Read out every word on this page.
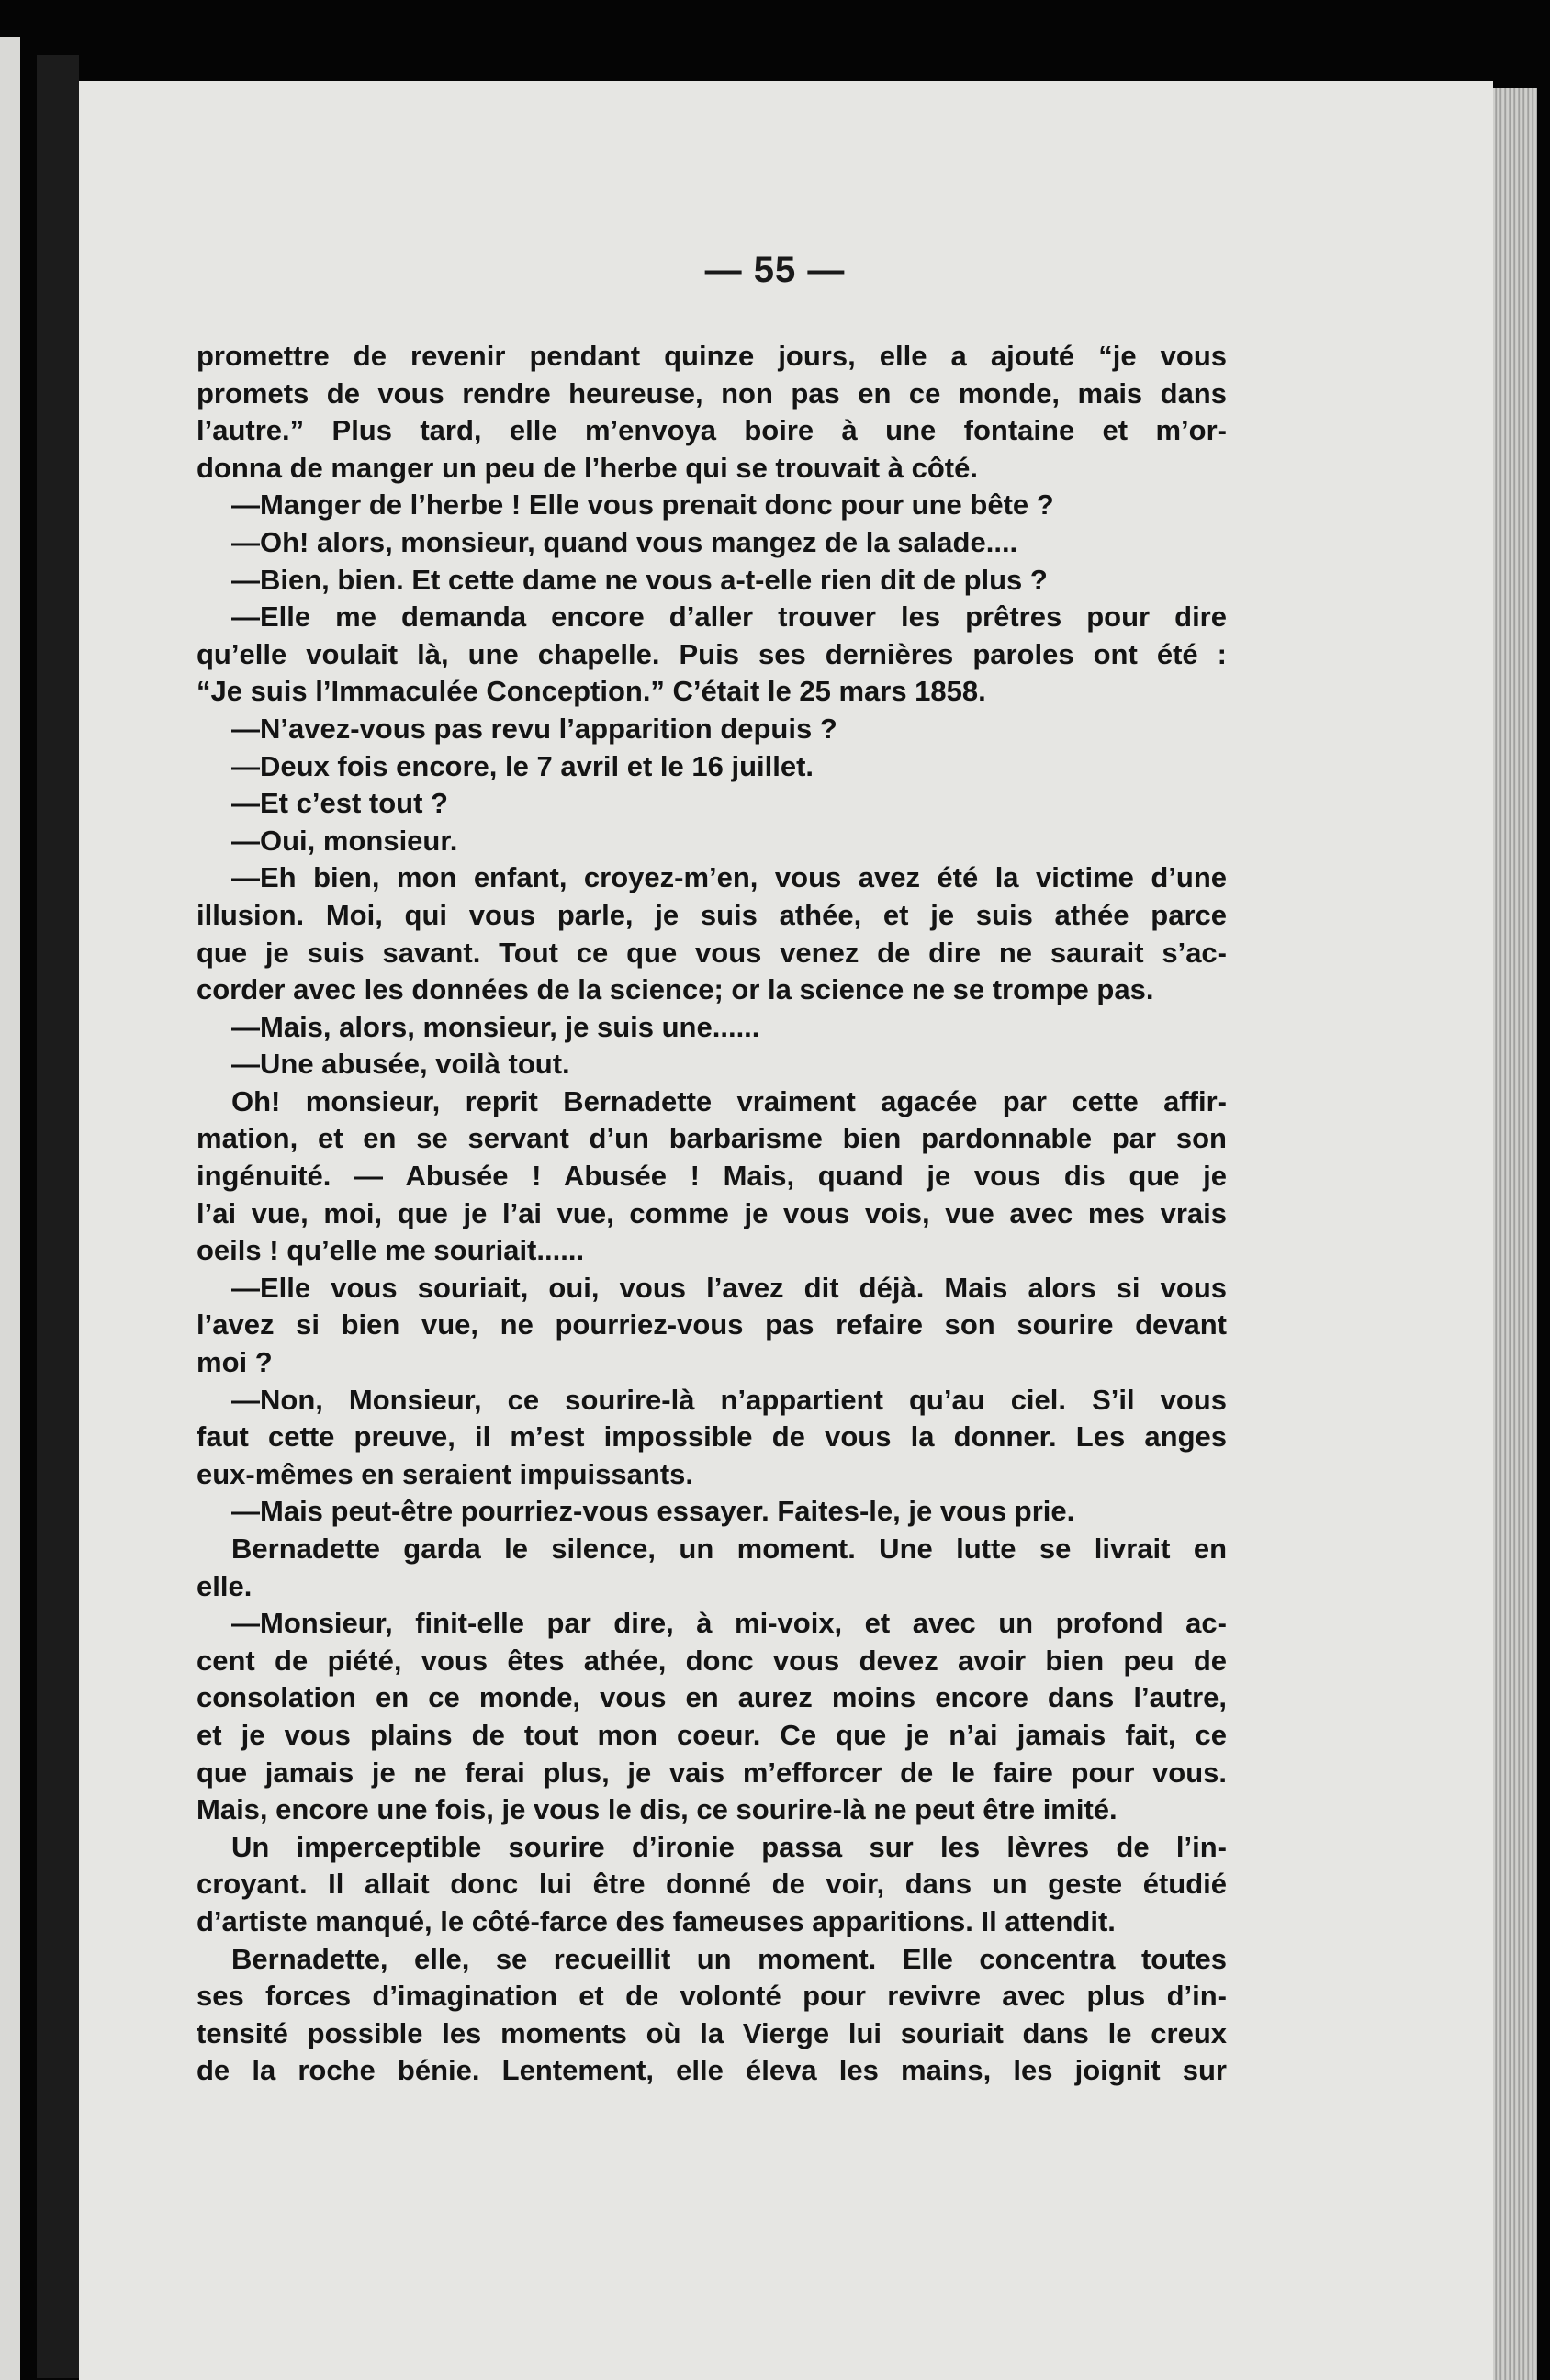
— 55 —
promettre de revenir pendant quinze jours, elle a ajouté “je vous
promets de vous rendre heureuse, non pas en ce monde, mais dans
l’autre.” Plus tard, elle m’envoya boire à une fontaine et m’or-
donna de manger un peu de l’herbe qui se trouvait à côté.
—Manger de l’herbe ! Elle vous prenait donc pour une bête ?
—Oh! alors, monsieur, quand vous mangez de la salade....
—Bien, bien. Et cette dame ne vous a-t-elle rien dit de plus ?
—Elle me demanda encore d’aller trouver les prêtres pour dire
qu’elle voulait là, une chapelle. Puis ses dernières paroles ont été :
“Je suis l’Immaculée Conception.” C’était le 25 mars 1858.
—N’avez-vous pas revu l’apparition depuis ?
—Deux fois encore, le 7 avril et le 16 juillet.
—Et c’est tout ?
—Oui, monsieur.
—Eh bien, mon enfant, croyez-m’en, vous avez été la victime d’une
illusion. Moi, qui vous parle, je suis athée, et je suis athée parce
que je suis savant. Tout ce que vous venez de dire ne saurait s’ac-
corder avec les données de la science; or la science ne se trompe pas.
—Mais, alors, monsieur, je suis une......
—Une abusée, voilà tout.
Oh! monsieur, reprit Bernadette vraiment agacée par cette affir-
mation, et en se servant d’un barbarisme bien pardonnable par son
ingénuité. — Abusée ! Abusée ! Mais, quand je vous dis que je
l’ai vue, moi, que je l’ai vue, comme je vous vois, vue avec mes vrais
oeils ! qu’elle me souriait......
—Elle vous souriait, oui, vous l’avez dit déjà. Mais alors si vous
l’avez si bien vue, ne pourriez-vous pas refaire son sourire devant
moi ?
—Non, Monsieur, ce sourire-là n’appartient qu’au ciel. S’il vous
faut cette preuve, il m’est impossible de vous la donner. Les anges
eux-mêmes en seraient impuissants.
—Mais peut-être pourriez-vous essayer. Faites-le, je vous prie.
Bernadette garda le silence, un moment. Une lutte se livrait en
elle.
—Monsieur, finit-elle par dire, à mi-voix, et avec un profond ac-
cent de piété, vous êtes athée, donc vous devez avoir bien peu de
consolation en ce monde, vous en aurez moins encore dans l’autre,
et je vous plains de tout mon coeur. Ce que je n’ai jamais fait, ce
que jamais je ne ferai plus, je vais m’efforcer de le faire pour vous.
Mais, encore une fois, je vous le dis, ce sourire-là ne peut être imité.
Un imperceptible sourire d’ironie passa sur les lèvres de l’in-
croyant. Il allait donc lui être donné de voir, dans un geste étudié
d’artiste manqué, le côté-farce des fameuses apparitions. Il attendit.
Bernadette, elle, se recueillit un moment. Elle concentra toutes
ses forces d’imagination et de volonté pour revivre avec plus d’in-
tensité possible les moments où la Vierge lui souriait dans le creux
de la roche bénie. Lentement, elle éleva les mains, les joignit sur
